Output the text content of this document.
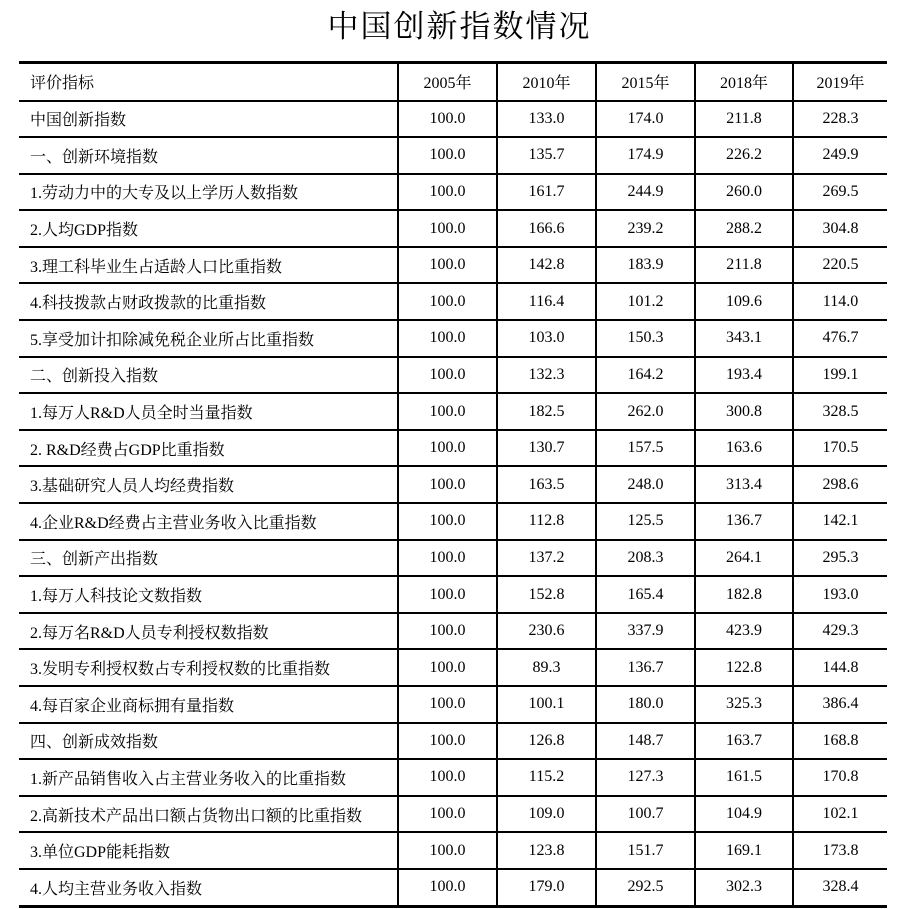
中国创新指数情况
评价指标	2005年	2010年	2015年	2018年	2019年
中国创新指数	100.0	133.0	174.0	211.8	228.3
一、创新环境指数	100.0	135.7	174.9	226.2	249.9
1.劳动力中的大专及以上学历人数指数	100.0	161.7	244.9	260.0	269.5
2.人均GDP指数	100.0	166.6	239.2	288.2	304.8
3.理工科毕业生占适龄人口比重指数	100.0	142.8	183.9	211.8	220.5
4.科技拨款占财政拨款的比重指数	100.0	116.4	101.2	109.6	114.0
5.享受加计扣除减免税企业所占比重指数	100.0	103.0	150.3	343.1	476.7
二、创新投入指数	100.0	132.3	164.2	193.4	199.1
1.每万人R&D人员全时当量指数	100.0	182.5	262.0	300.8	328.5
2. R&D经费占GDP比重指数	100.0	130.7	157.5	163.6	170.5
3.基础研究人员人均经费指数	100.0	163.5	248.0	313.4	298.6
4.企业R&D经费占主营业务收入比重指数	100.0	112.8	125.5	136.7	142.1
三、创新产出指数	100.0	137.2	208.3	264.1	295.3
1.每万人科技论文数指数	100.0	152.8	165.4	182.8	193.0
2.每万名R&D人员专利授权数指数	100.0	230.6	337.9	423.9	429.3
3.发明专利授权数占专利授权数的比重指数	100.0	89.3	136.7	122.8	144.8
4.每百家企业商标拥有量指数	100.0	100.1	180.0	325.3	386.4
四、创新成效指数	100.0	126.8	148.7	163.7	168.8
1.新产品销售收入占主营业务收入的比重指数	100.0	115.2	127.3	161.5	170.8
2.高新技术产品出口额占货物出口额的比重指数	100.0	109.0	100.7	104.9	102.1
3.单位GDP能耗指数	100.0	123.8	151.7	169.1	173.8
4.人均主营业务收入指数	100.0	179.0	292.5	302.3	328.4
